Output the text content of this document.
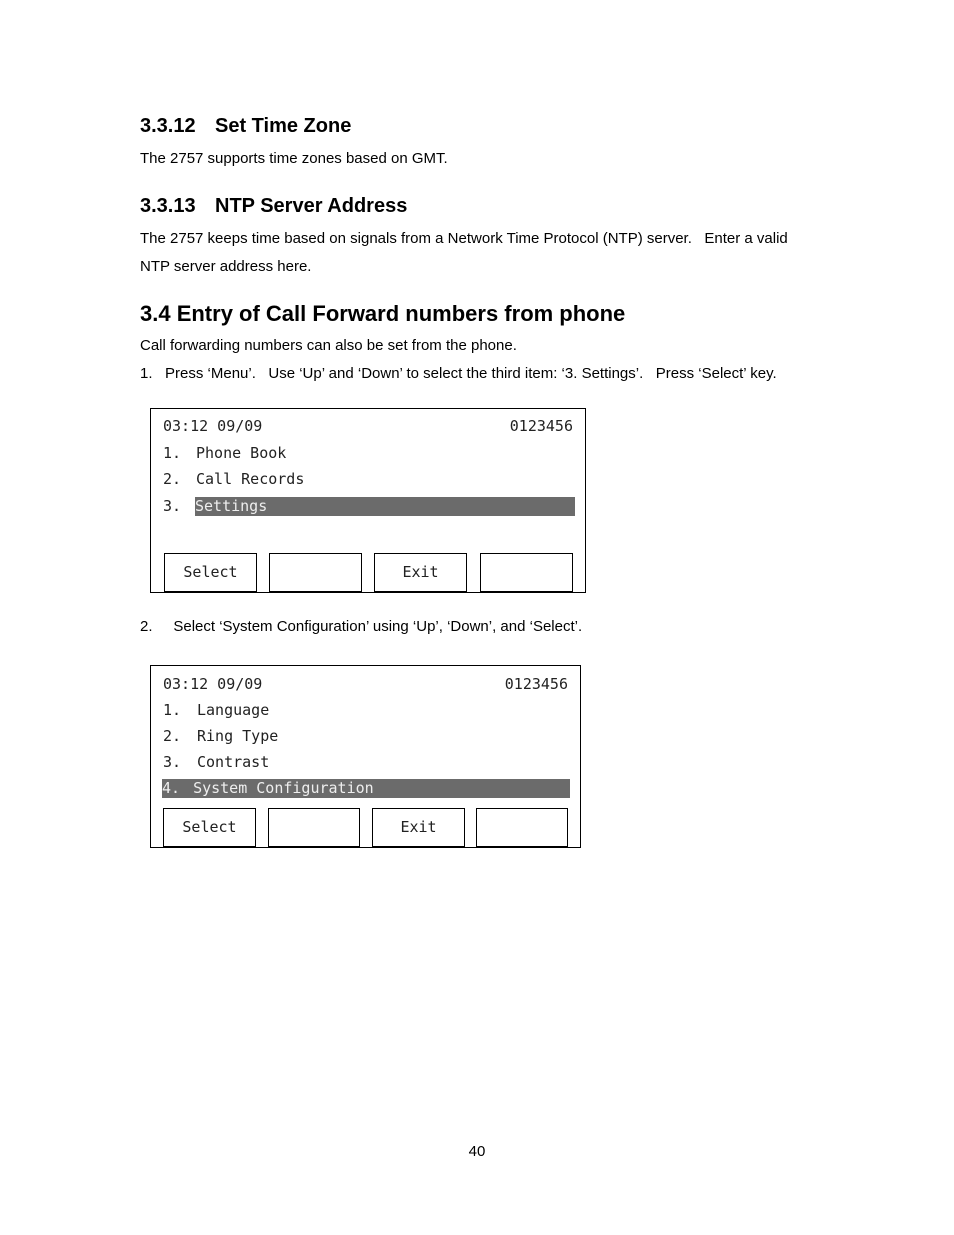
3.3.12 Set Time Zone

The 2757 supports time zones based on GMT.

3.3.13 NTP Server Address

The 2757 keeps time based on signals from a Network Time Protocol (NTP) server.   Enter a valid

NTP server address here.

3.4 Entry of Call Forward numbers from phone

Call forwarding numbers can also be set from the phone.

1.   Press ‘Menu’.   Use ‘Up’ and ‘Down’ to select the third item: ‘3. Settings’.   Press ‘Select’ key.

03:12 09/09	0123456
1. Phone Book
2. Call Records
3. Settings
Select	Exit

2.     Select ‘System Configuration’ using ‘Up’, ‘Down’, and ‘Select’.

03:12 09/09	0123456
1. Language
2. Ring Type
3. Contrast
4. System Configuration
Select	Exit
40
